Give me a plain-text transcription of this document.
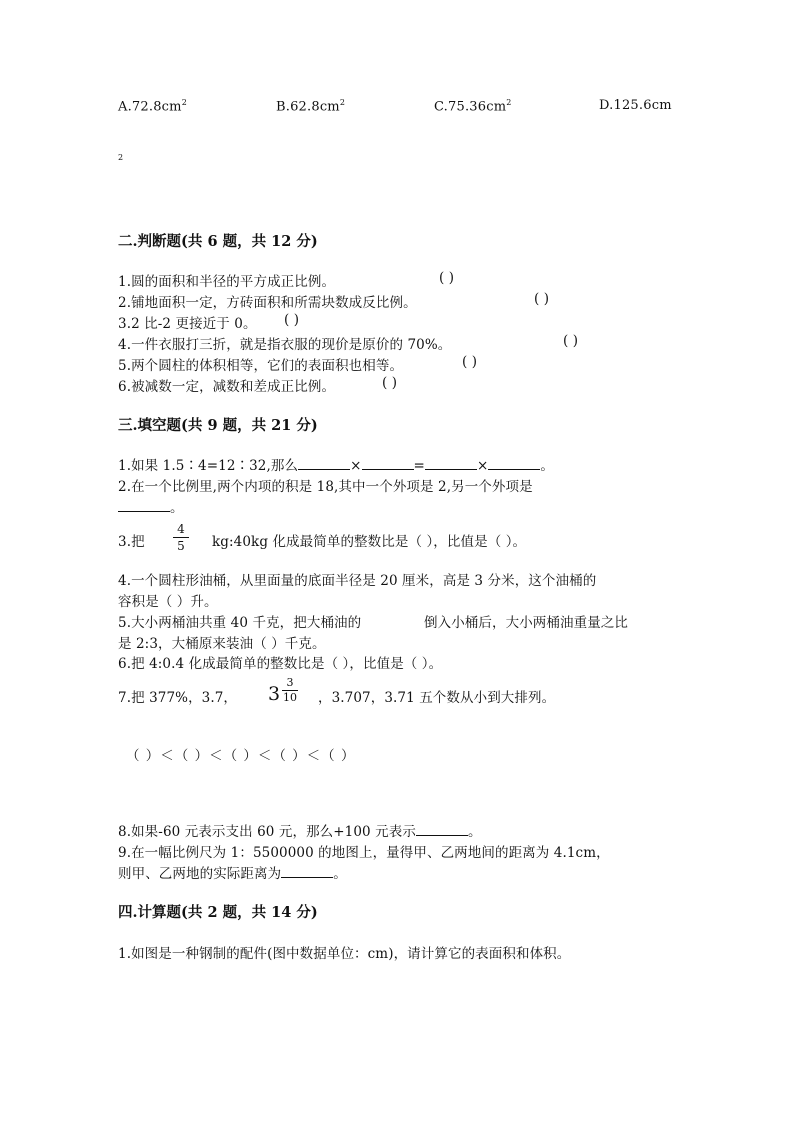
$A.72.8cm^2$	$B.62.8cm^2$	$C.75.36cm^2$	D.125.6cm
2
二.判断题(共 6 题，共 12 分)
1.圆的面积和半径的平方成正比例。	( )
2.铺地面积一定，方砖面积和所需块数成反比例。	( )
3.2 比-2 更接近于 0。 ( )
4.一件衣服打三折，就是指衣服的现价是原价的 70%。	( )
5.两个圆柱的体积相等，它们的表面积也相等。	( )
6.被减数一定，减数和差成正比例。	( )
三.填空题(共 9 题，共 21 分)
1.如果 1.5∶4=12∶32,那么	×	=	×	。
2.在一个比例里,两个内项的积是 18,其中一个外项是 2,另一个外项是
。
3.把
4
5	kg:40kg 化成最简单的整数比是（ ），比值是（ ）。
4.一个圆柱形油桶，从里面量的底面半径是 20 厘米，高是 3 分米，这个油桶的
容积是（ ）升。
5.大小两桶油共重 40 千克，把大桶油的	倒入小桶后，大小两桶油重量之比
是 2:3，大桶原来装油（ ）千克。
6.把 4:0.4 化成最简单的整数比是（ ），比值是（ ）。
7.把 377%，3.7， 3
3
10 ，3.707，3.71 五个数从小到大排列。
（ ）＜（ ）＜（ ）＜（ ）＜（ ）
8.如果-60 元表示支出 60 元，那么+100 元表示	。
9.在一幅比例尺为 1：5500000 的地图上，量得甲、乙两地间的距离为 4.1cm，
则甲、乙两地的实际距离为	。
四.计算题(共 2 题，共 14 分)
1.如图是一种钢制的配件(图中数据单位：cm)，请计算它的表面积和体积。
